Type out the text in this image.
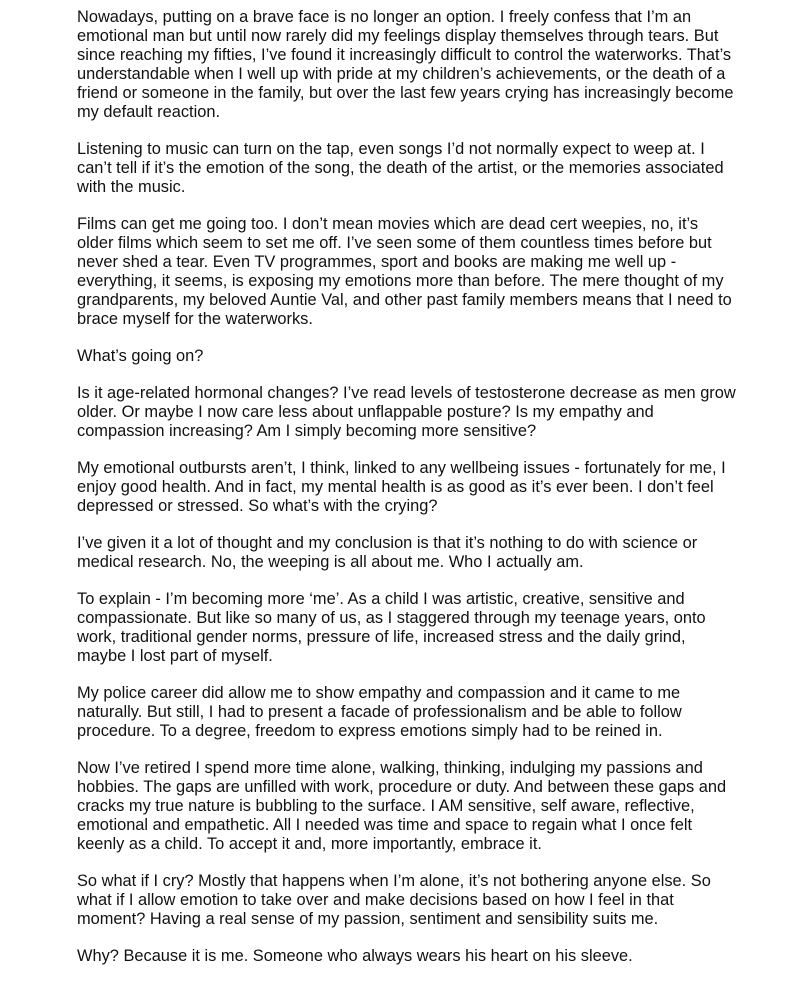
Nowadays, putting on a brave face is no longer an option. I freely confess that I’m an emotional man but until now rarely did my feelings display themselves through tears. But since reaching my fifties, I’ve found it increasingly difficult to control the waterworks. That’s understandable when I well up with pride at my children’s achievements, or the death of a friend or someone in the family, but over the last few years crying has increasingly become my default reaction.

Listening to music can turn on the tap, even songs I’d not normally expect to weep at. I can’t tell if it’s the emotion of the song, the death of the artist, or the memories associated with the music.

Films can get me going too. I don’t mean movies which are dead cert weepies, no, it’s older films which seem to set me off. I’ve seen some of them countless times before but never shed a tear. Even TV programmes, sport and books are making me well up - everything, it seems, is exposing my emotions more than before. The mere thought of my grandparents, my beloved Auntie Val, and other past family members means that I need to brace myself for the waterworks.

What’s going on?

Is it age-related hormonal changes? I’ve read levels of testosterone decrease as men grow older. Or maybe I now care less about unflappable posture? Is my empathy and compassion increasing? Am I simply becoming more sensitive?

My emotional outbursts aren’t, I think, linked to any wellbeing issues - fortunately for me, I enjoy good health. And in fact, my mental health is as good as it’s ever been. I don’t feel depressed or stressed. So what’s with the crying?

I’ve given it a lot of thought and my conclusion is that it’s nothing to do with science or medical research. No, the weeping is all about me. Who I actually am.

To explain - I’m becoming more ‘me’. As a child I was artistic, creative, sensitive and compassionate. But like so many of us, as I staggered through my teenage years, onto work, traditional gender norms, pressure of life, increased stress and the daily grind, maybe I lost part of myself.

My police career did allow me to show empathy and compassion and it came to me naturally. But still, I had to present a facade of professionalism and be able to follow procedure. To a degree, freedom to express emotions simply had to be reined in.

Now I’ve retired I spend more time alone, walking, thinking, indulging my passions and hobbies. The gaps are unfilled with work, procedure or duty. And between these gaps and cracks my true nature is bubbling to the surface. I AM sensitive, self aware, reflective, emotional and empathetic. All I needed was time and space to regain what I once felt keenly as a child. To accept it and, more importantly, embrace it.

So what if I cry? Mostly that happens when I’m alone, it’s not bothering anyone else. So what if I allow emotion to take over and make decisions based on how I feel in that moment? Having a real sense of my passion, sentiment and sensibility suits me.

Why? Because it is me. Someone who always wears his heart on his sleeve.
